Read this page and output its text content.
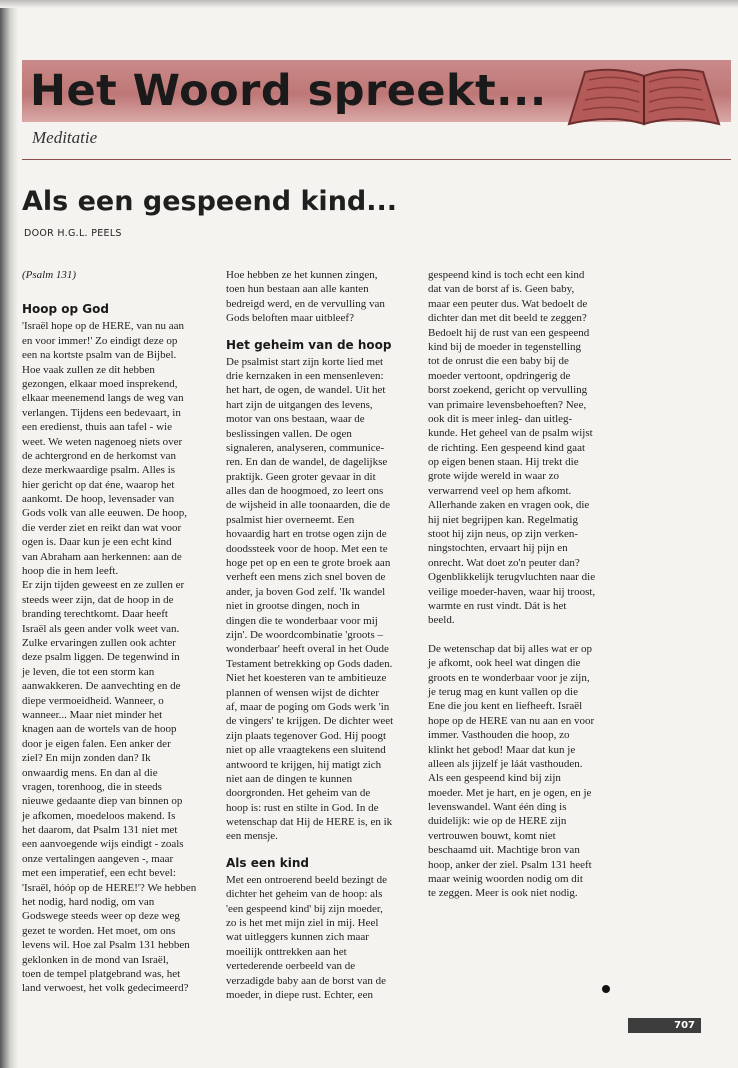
Het Woord spreekt...
Meditatie
Als een gespeend kind...
DOOR H.G.L. PEELS
(Psalm 131)
Hoop op God
'Israël hope op de HERE, van nu aan
en voor immer!' Zo eindigt deze op
een na kortste psalm van de Bijbel.
Hoe vaak zullen ze dit hebben
gezongen, elkaar moed insprekend,
elkaar meenemend langs de weg van
verlangen. Tijdens een bedevaart, in
een eredienst, thuis aan tafel - wie
weet. We weten nagenoeg niets over
de achtergrond en de herkomst van
deze merkwaardige psalm. Alles is
hier gericht op dat éne, waarop het
aankomt. De hoop, levensader van
Gods volk van alle eeuwen. De hoop,
die verder ziet en reikt dan wat voor
ogen is. Daar kun je een echt kind
van Abraham aan herkennen: aan de
hoop die in hem leeft.
Er zijn tijden geweest en ze zullen er
steeds weer zijn, dat de hoop in de
branding terechtkomt. Daar heeft
Israël als geen ander volk weet van.
Zulke ervaringen zullen ook achter
deze psalm liggen. De tegenwind in
je leven, die tot een storm kan
aanwakkeren. De aanvechting en de
diepe vermoeidheid. Wanneer, o
wanneer... Maar niet minder het
knagen aan de wortels van de hoop
door je eigen falen. Een anker der
ziel? En mijn zonden dan? Ik
onwaardig mens. En dan al die
vragen, torenhoog, die in steeds
nieuwe gedaante diep van binnen op
je afkomen, moedeloos makend. Is
het daarom, dat Psalm 131 niet met
een aanvoegende wijs eindigt - zoals
onze vertalingen aangeven -, maar
met een imperatief, een echt bevel:
'Israël, hóóp op de HERE!'? We hebben
het nodig, hard nodig, om van
Godswege steeds weer op deze weg
gezet te worden. Het moet, om ons
levens wil. Hoe zal Psalm 131 hebben
geklonken in de mond van Israël,
toen de tempel platgebrand was, het
land verwoest, het volk gedecimeerd?
Hoe hebben ze het kunnen zingen,
toen hun bestaan aan alle kanten
bedreigd werd, en de vervulling van
Gods beloften maar uitbleef?
Het geheim van de hoop
De psalmist start zijn korte lied met
drie kernzaken in een mensenleven:
het hart, de ogen, de wandel. Uit het
hart zijn de uitgangen des levens,
motor van ons bestaan, waar de
beslissingen vallen. De ogen
signaleren, analyseren, communice-
ren. En dan de wandel, de dagelijkse
praktijk. Geen groter gevaar in dit
alles dan de hoogmoed, zo leert ons
de wijsheid in alle toonaarden, die de
psalmist hier overneemt. Een
hovaardig hart en trotse ogen zijn de
doodssteek voor de hoop. Met een te
hoge pet op en een te grote broek aan
verheft een mens zich snel boven de
ander, ja boven God zelf. 'Ik wandel
niet in grootse dingen, noch in
dingen die te wonderbaar voor mij
zijn'. De woordcombinatie 'groots –
wonderbaar' heeft overal in het Oude
Testament betrekking op Gods daden.
Niet het koesteren van te ambitieuze
plannen of wensen wijst de dichter
af, maar de poging om Gods werk 'in
de vingers' te krijgen. De dichter weet
zijn plaats tegenover God. Hij poogt
niet op alle vraagtekens een sluitend
antwoord te krijgen, hij matigt zich
niet aan de dingen te kunnen
doorgronden. Het geheim van de
hoop is: rust en stilte in God. In de
wetenschap dat Hij de HERE is, en ik
een mensje.
Als een kind
Met een ontroerend beeld bezingt de
dichter het geheim van de hoop: als
'een gespeend kind' bij zijn moeder,
zo is het met mijn ziel in mij. Heel
wat uitleggers kunnen zich maar
moeilijk onttrekken aan het
vertederende oerbeeld van de
verzadigde baby aan de borst van de
moeder, in diepe rust. Echter, een
gespeend kind is toch echt een kind
dat van de borst af is. Geen baby,
maar een peuter dus. Wat bedoelt de
dichter dan met dit beeld te zeggen?
Bedoelt hij de rust van een gespeend
kind bij de moeder in tegenstelling
tot de onrust die een baby bij de
moeder vertoont, opdringerig de
borst zoekend, gericht op vervulling
van primaire levensbehoeften? Nee,
ook dit is meer inleg- dan uitleg-
kunde. Het geheel van de psalm wijst
de richting. Een gespeend kind gaat
op eigen benen staan. Hij trekt die
grote wijde wereld in waar zo
verwarrend veel op hem afkomt.
Allerhande zaken en vragen ook, die
hij niet begrijpen kan. Regelmatig
stoot hij zijn neus, op zijn verken-
ningstochten, ervaart hij pijn en
onrecht. Wat doet zo'n peuter dan?
Ogenblikkelijk terugvluchten naar die
veilige moeder-haven, waar hij troost,
warmte en rust vindt. Dát is het
beeld.
De wetenschap dat bij alles wat er op
je afkomt, ook heel wat dingen die
groots en te wonderbaar voor je zijn,
je terug mag en kunt vallen op die
Ene die jou kent en liefheeft. Israël
hope op de HERE van nu aan en voor
immer. Vasthouden die hoop, zo
klinkt het gebod! Maar dat kun je
alleen als jijzelf je láát vasthouden.
Als een gespeend kind bij zijn
moeder. Met je hart, en je ogen, en je
levenswandel. Want één ding is
duidelijk: wie op de HERE zijn
vertrouwen bouwt, komt niet
beschaamd uit. Machtige bron van
hoop, anker der ziel. Psalm 131 heeft
maar weinig woorden nodig om dit
te zeggen. Meer is ook niet nodig.
707
